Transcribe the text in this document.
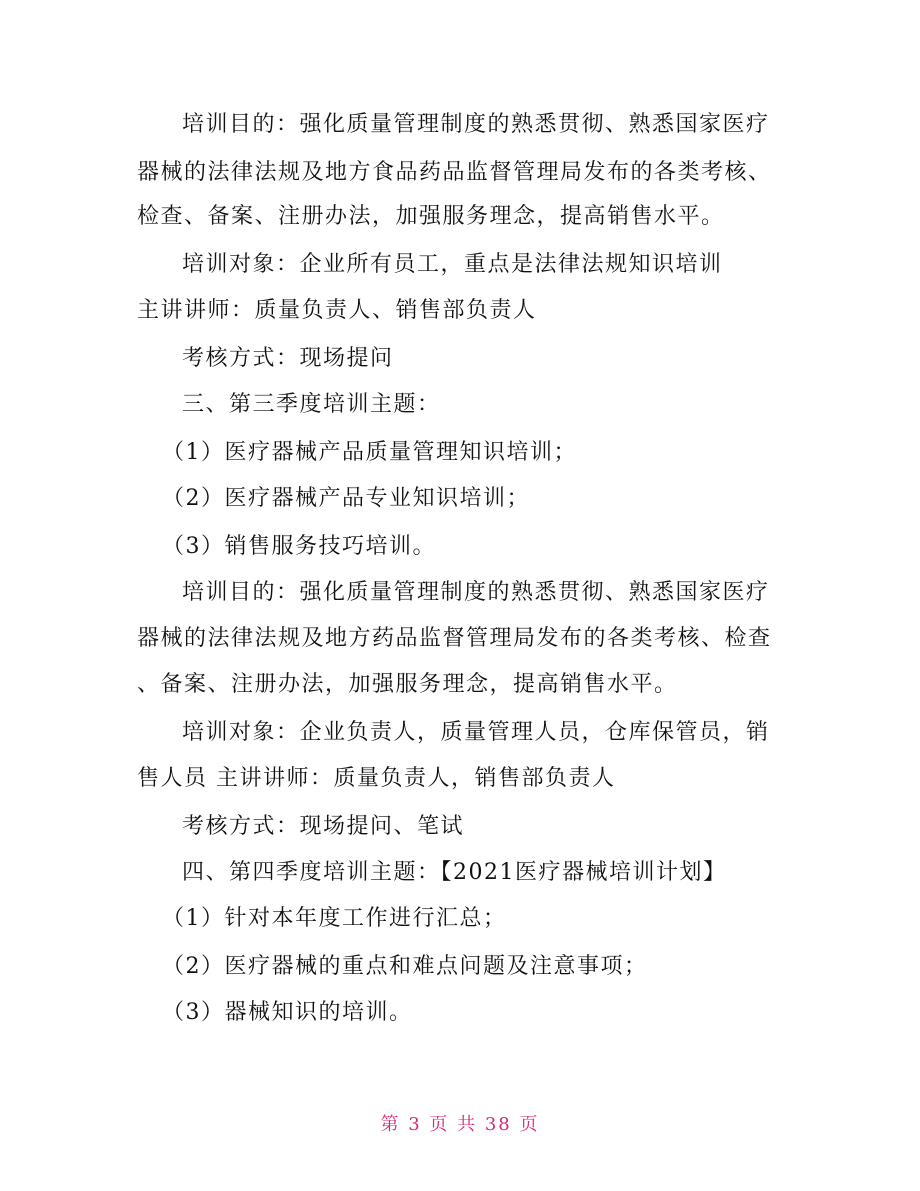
培训目的：强化质量管理制度的熟悉贯彻、熟悉国家医疗
器械的法律法规及地方食品药品监督管理局发布的各类考核、
检查、备案、注册办法，加强服务理念，提高销售水平。
培训对象：企业所有员工，重点是法律法规知识培训
主讲讲师：质量负责人、销售部负责人
考核方式：现场提问
三、第三季度培训主题：
（1）医疗器械产品质量管理知识培训；
（2）医疗器械产品专业知识培训；
（3）销售服务技巧培训。
培训目的：强化质量管理制度的熟悉贯彻、熟悉国家医疗
器械的法律法规及地方药品监督管理局发布的各类考核、检查
、备案、注册办法，加强服务理念，提高销售水平。
培训对象：企业负责人，质量管理人员，仓库保管员，销
售人员 主讲讲师：质量负责人，销售部负责人
考核方式：现场提问、笔试
四、第四季度培训主题：【2021医疗器械培训计划】
（1）针对本年度工作进行汇总；
（2）医疗器械的重点和难点问题及注意事项；
（3）器械知识的培训。
第 3 页 共 38 页
